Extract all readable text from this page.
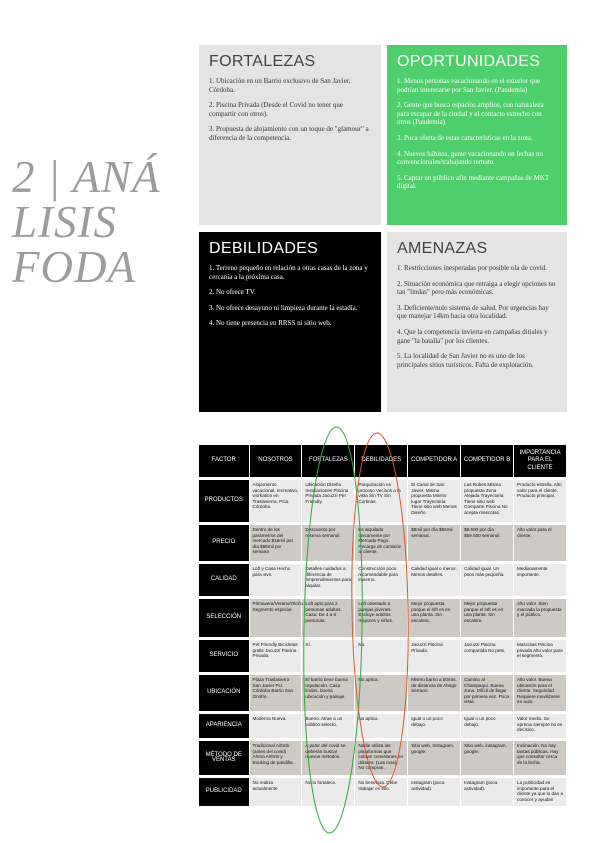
2 | ANÁ
LISIS
FODA
FORTALEZAS
1. Ubicación en un Barrio exclusivo de San Javier, Córdoba.
2. Piscina Privada (Desde el Covid no tener que compartir con otros).
3. Propuesta de alojamiento con un toque de "glamour" a diferencia de la competencia.
OPORTUNIDADES
1. Menos personas vacacionando en el exterior que podrían interesarse por San Javier. (Pandemia)
2. Gente que busca espacios amplios, con naturaleza para escapar de la ciudad y el contacto estrecho con otros (Pandemia).
3. Poca oferta de estas características en la zona.
4. Nuevos hábitos, gente vacacionando en fechas no convencionales/trabajando remoto.
5. Captar un público afín mediante campañas de MKT digital.
DEBILIDADES
1. Terreno pequeño en relación a otras casas de la zona y cercanía a la próxima casa.
2. No ofrece TV.
3. No ofrece desayuno ni limpieza durante la estadía.
4. No tiene presencia en RRSS ni sitio web.
AMENAZAS
1. Restricciones inesperadas por posible ola de covid.
2. Situación económica que retraiga a elegir opciones no tan "lindas" pero más económicas.
3. Deficiente/nulo sistema de salud. Por urgencias hay que manejar 14km hacia otra localidad.
4. Que la competencia invierta en campañas ditiales y gane "la batalla" por los clientes.
5. La localidad de San Javier no es uno de los principales sitios turísticos. Falta de explotación.
FACTOR	NOSOTROS	FORTALEZAS	DEBILIDADES	COMPETIDOR A	COMPETIDOR B	IMPORTANCIA PARA EL CLIENTE

PRODUCTOS	Alojamiento vacacional, recreativo, workation en Traslasierra. Pcia. Córdoba	Ubicación Diseño Instalaciones Piscina Privada Jacuzzi Pet Friendly.	Parquización en proceso Vecinos a la vista Sin TV Sin Cortinas.	El Canal de San Javier. Misma propuesta Mismo lugar Trayectoria Tiene sitio web Menos Diseño	Las Rubes Misma propuesta Zona Alejada Trayectoria Tiene sitio web Comparte Piscina No acepta mascotas.	Producto estrella. Alto valor para el cliente. Producto principal.

PRECIO	Dentro de los parámetros del mercado $18mil por día $56mil por semana	Descuento por reserva semanal.	Es alquilado únicamente por Mercado Pago. Recargo de comisión al cliente.	$8mil por día $56mil semanal.	$8.500 por día $59.500 semanal.	Alto valor para el cliente.

CALIDAD	Loft y Casa Hecho para vivir.	Detalles cuidados a diferencia de emprendimientos para alquilar.	Construcción poco recomendable para invierno.	Calidad igual o menor. Menos detalles.	Calidad igual. Un poco más pequeña.	Medianamente importante.

SELECCIÓN	Primavera/Verano/Otoño. Segmento especial	Loft apto para 2 personas adultas. Casa: De 4 a 6 personas.	Loft orientado a parejas jóvenes. Excluye adultos mayores y niños.	Mejor propuesta porque el loft es en una planta. Sin escalera.	Mejor propuesta porque el loft es en una planta. Sin escalera.	Alto valor. Bien marcada la propuesta y el público.

SERVICIO	Pet Friendly Bicicletas gratis Jacuzzi Piscina Privada.	Sí.	No.	Jacuzzi Piscina Privada.	Jacuzzi Piscina compartida No pets.	Mascotas Piscina privada Alto valor para el segmento.

UBICACIÓN	Plaza Traslasierra San Javier Pcl. Córdoba Barrio San Onofre.	El barrio tiene buena reputación. Casa lindas, buena ubicación y paisaje.	No aplica.	Mismo barrio a 50mts. de distancia de Abrigo Serrano.	Camino al Champaquí. Buena zona. Difícil de llegar por primera vez. Poca vista.	Alto valor. Buena ubicación para el cliente. Seguridad. Requiere movilizarse en auto.

APARIENCIA	Moderna Nueva.	Bueno. Atrae a un público selecto.	No aplica.	Igual o un poco debajo.	Igual o un poco debajo.	Valor medio. Se aprecia siempre no es decisivo.

MÉTODO DE VENTAS	Tradicional Airbnb (antes del covid) Ahora Airbnb y Booking de pandilla.	A partir del covid se deberán buscar nuevos métodos.	Nadie utiliza las plataformas que cobran comisiones en dólares. (Las mas). No compran.	Sitio web, Instagram, google.	Sitio web, instagram, google.	Inclinación. No hay tantas públicas. Hay que consultar cerca de la fecha.

PUBLICIDAD	No realiza actualmente	No lo fortalece.	No beneficia. Debe trabajar en ello.	Instagram (poca actividad).	Instagram (poca actividad).	La publicidad es importante para el cliente ya que lo dan a conocer y ayudan
